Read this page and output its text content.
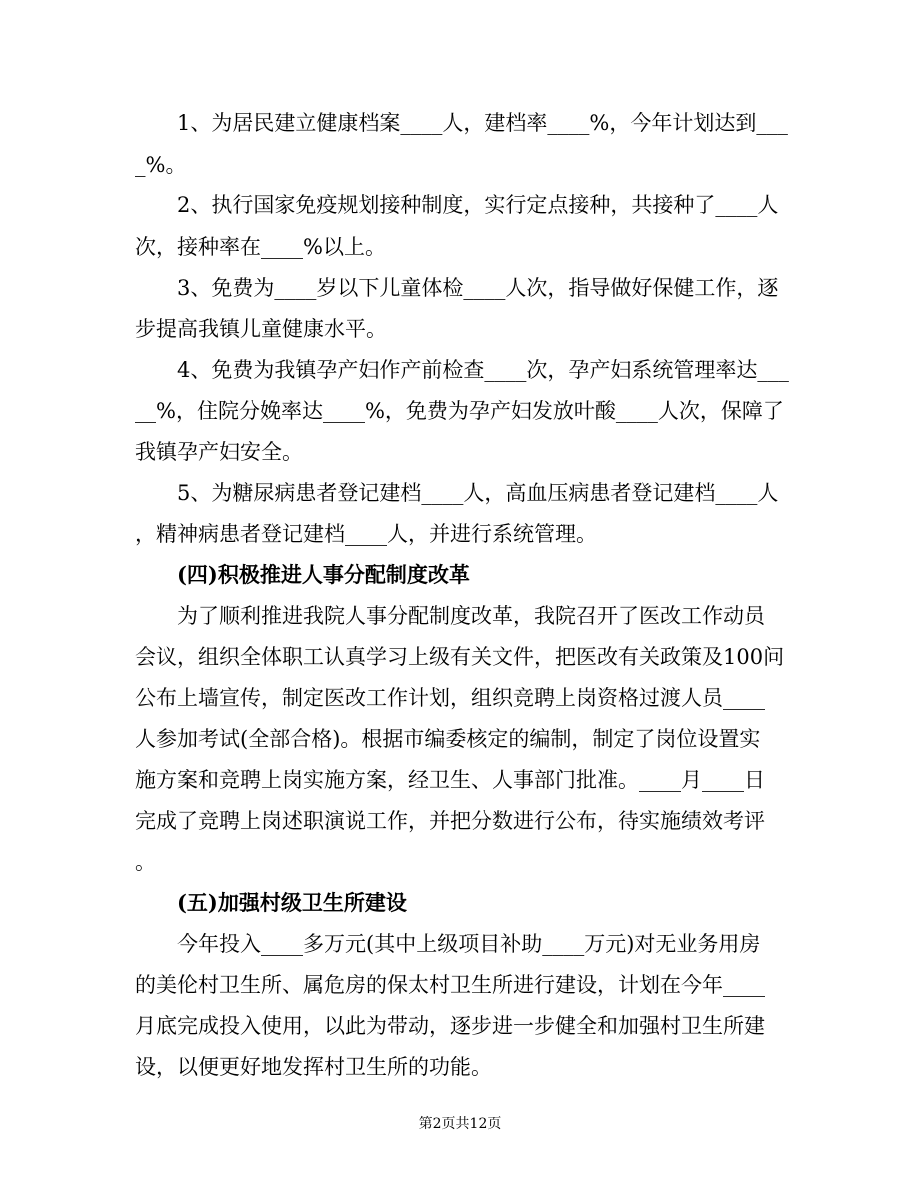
1、为居民建立健康档案____人，建档率____%，今年计划达到___

_%。

2、执行国家免疫规划接种制度，实行定点接种，共接种了____人

次，接种率在____%以上。

3、免费为____岁以下儿童体检____人次，指导做好保健工作，逐

步提高我镇儿童健康水平。

4、免费为我镇孕产妇作产前检查____次，孕产妇系统管理率达___

__%，住院分娩率达____%，免费为孕产妇发放叶酸____人次，保障了

我镇孕产妇安全。

5、为糖尿病患者登记建档____人，高血压病患者登记建档____人

，精神病患者登记建档____人，并进行系统管理。

(四)积极推进人事分配制度改革

为了顺利推进我院人事分配制度改革，我院召开了医改工作动员

会议，组织全体职工认真学习上级有关文件，把医改有关政策及100问

公布上墙宣传，制定医改工作计划，组织竞聘上岗资格过渡人员____

人参加考试(全部合格)。根据市编委核定的编制，制定了岗位设置实

施方案和竞聘上岗实施方案，经卫生、人事部门批准。____月____日

完成了竞聘上岗述职演说工作，并把分数进行公布，待实施绩效考评

。

(五)加强村级卫生所建设

今年投入____多万元(其中上级项目补助____万元)对无业务用房

的美伦村卫生所、属危房的保太村卫生所进行建设，计划在今年____

月底完成投入使用，以此为带动，逐步进一步健全和加强村卫生所建

设，以便更好地发挥村卫生所的功能。

第2页共12页
